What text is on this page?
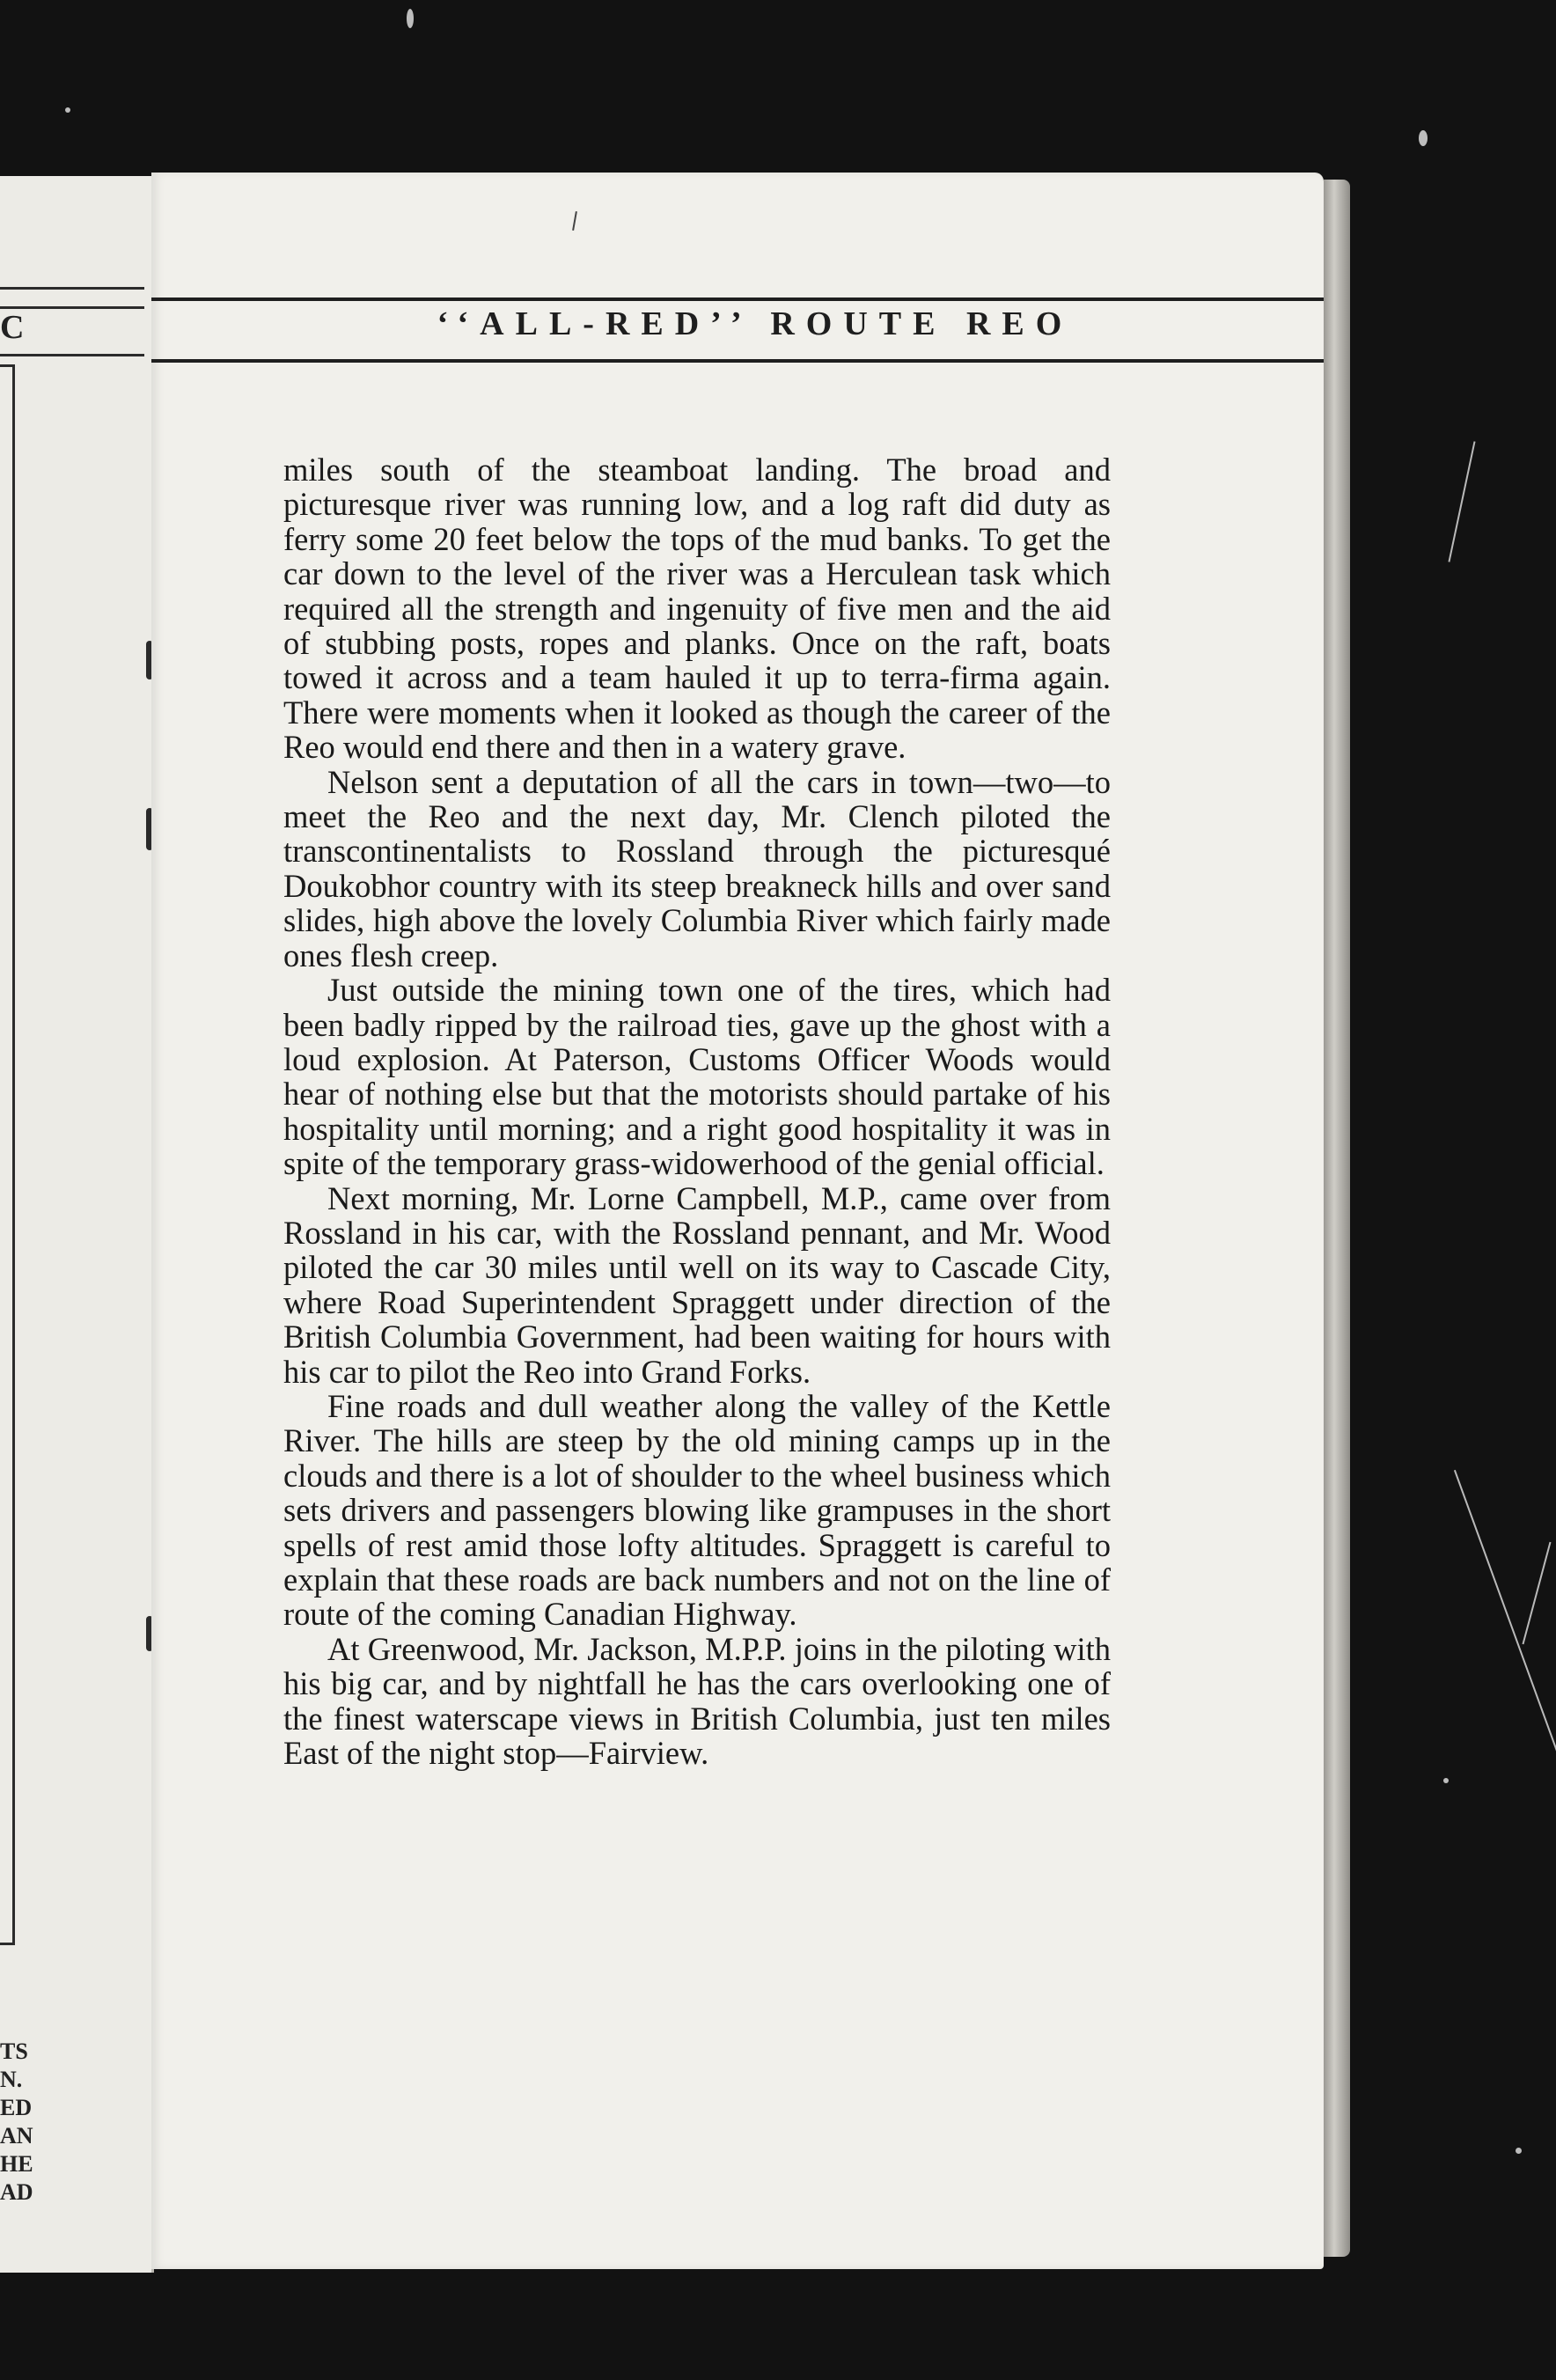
C
TS
N.
ED
AN
HE
AD
‘‘ALL-RED’’ ROUTE REO

miles south of the steamboat landing. The broad and picturesque river was running low, and a log raft did duty as ferry some 20 feet below the tops of the mud banks. To get the car down to the level of the river was a Herculean task which required all the strength and ingenuity of five men and the aid of stubbing posts, ropes and planks. Once on the raft, boats towed it across and a team hauled it up to terra-firma again. There were moments when it looked as though the career of the Reo would end there and then in a watery grave.

Nelson sent a deputation of all the cars in town—two—to meet the Reo and the next day, Mr. Clench piloted the transcontinentalists to Rossland through the picturesqué Doukobhor country with its steep breakneck hills and over sand slides, high above the lovely Columbia River which fairly made ones flesh creep.

Just outside the mining town one of the tires, which had been badly ripped by the railroad ties, gave up the ghost with a loud explosion. At Paterson, Customs Officer Woods would hear of nothing else but that the motorists should partake of his hospitality until morning; and a right good hospitality it was in spite of the temporary grass-widowerhood of the genial official.

Next morning, Mr. Lorne Campbell, M.P., came over from Rossland in his car, with the Rossland pennant, and Mr. Wood piloted the car 30 miles until well on its way to Cascade City, where Road Superintendent Spraggett under direction of the British Columbia Government, had been waiting for hours with his car to pilot the Reo into Grand Forks.

Fine roads and dull weather along the valley of the Kettle River. The hills are steep by the old mining camps up in the clouds and there is a lot of shoulder to the wheel business which sets drivers and passengers blowing like grampuses in the short spells of rest amid those lofty altitudes. Spraggett is careful to explain that these roads are back numbers and not on the line of route of the coming Canadian Highway.

At Greenwood, Mr. Jackson, M.P.P. joins in the piloting with his big car, and by nightfall he has the cars overlooking one of the finest waterscape views in British Columbia, just ten miles East of the night stop—Fairview.
